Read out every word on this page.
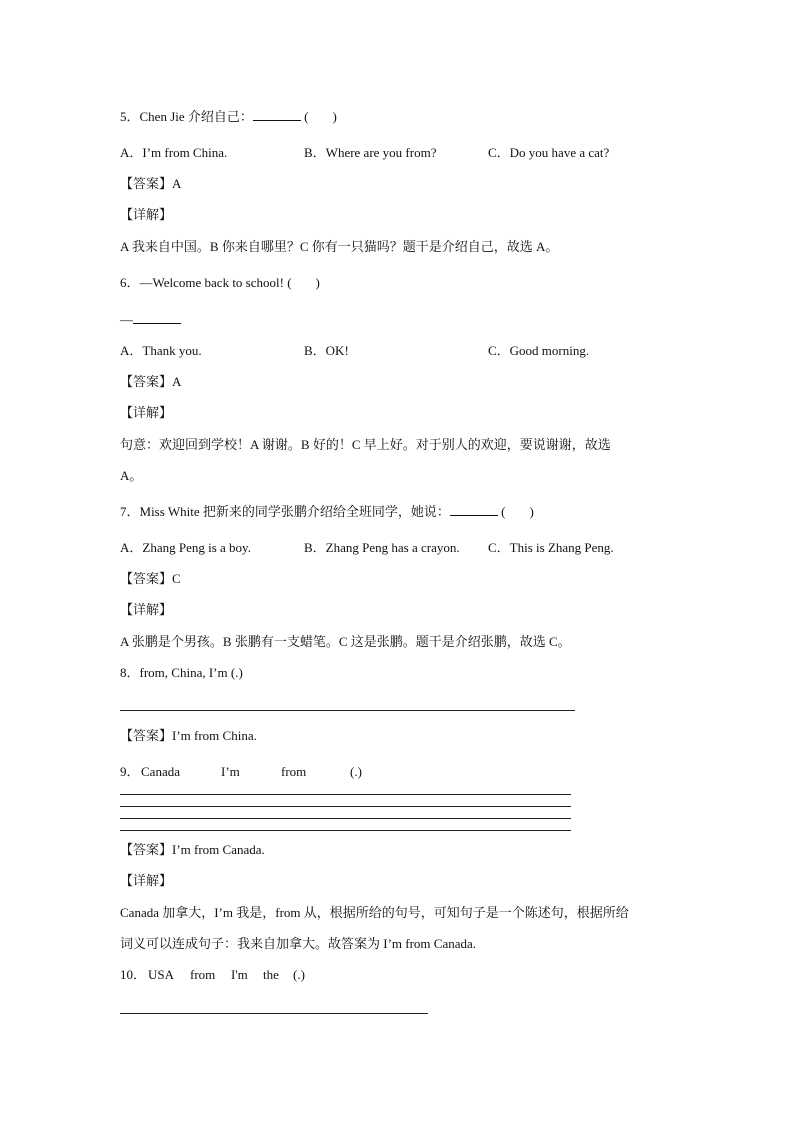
5．Chen Jie 介绍自己：	( )
A．I’m from China.	B．Where are you from?	C．Do you have a cat?
【答案】A
【详解】
A 我来自中国。B 你来自哪里？C 你有一只猫吗？题干是介绍自己，故选 A。
6．—Welcome back to school! ( )
—
A．Thank you.	B．OK!	C．Good morning.
【答案】A
【详解】
句意：欢迎回到学校！A 谢谢。B 好的！C 早上好。对于别人的欢迎，要说谢谢，故选
A。
7．Miss White 把新来的同学张鹏介绍给全班同学，她说：	( )
A．Zhang Peng is a boy.	B．Zhang Peng has a crayon. C．This is Zhang Peng.
【答案】C
【详解】
A 张鹏是个男孩。B 张鹏有一支蜡笔。C 这是张鹏。题干是介绍张鹏，故选 C。
8．from, China, I’m (.)
【答案】I’m from China.
9． Canada	I’m	from	(.)
【答案】I’m from Canada.
【详解】
Canada 加拿大，I’m 我是，from 从，根据所给的句号，可知句子是一个陈述句，根据所给
词义可以连成句子：我来自加拿大。故答案为 I’m from Canada.
10． USA from I'm the (.)
